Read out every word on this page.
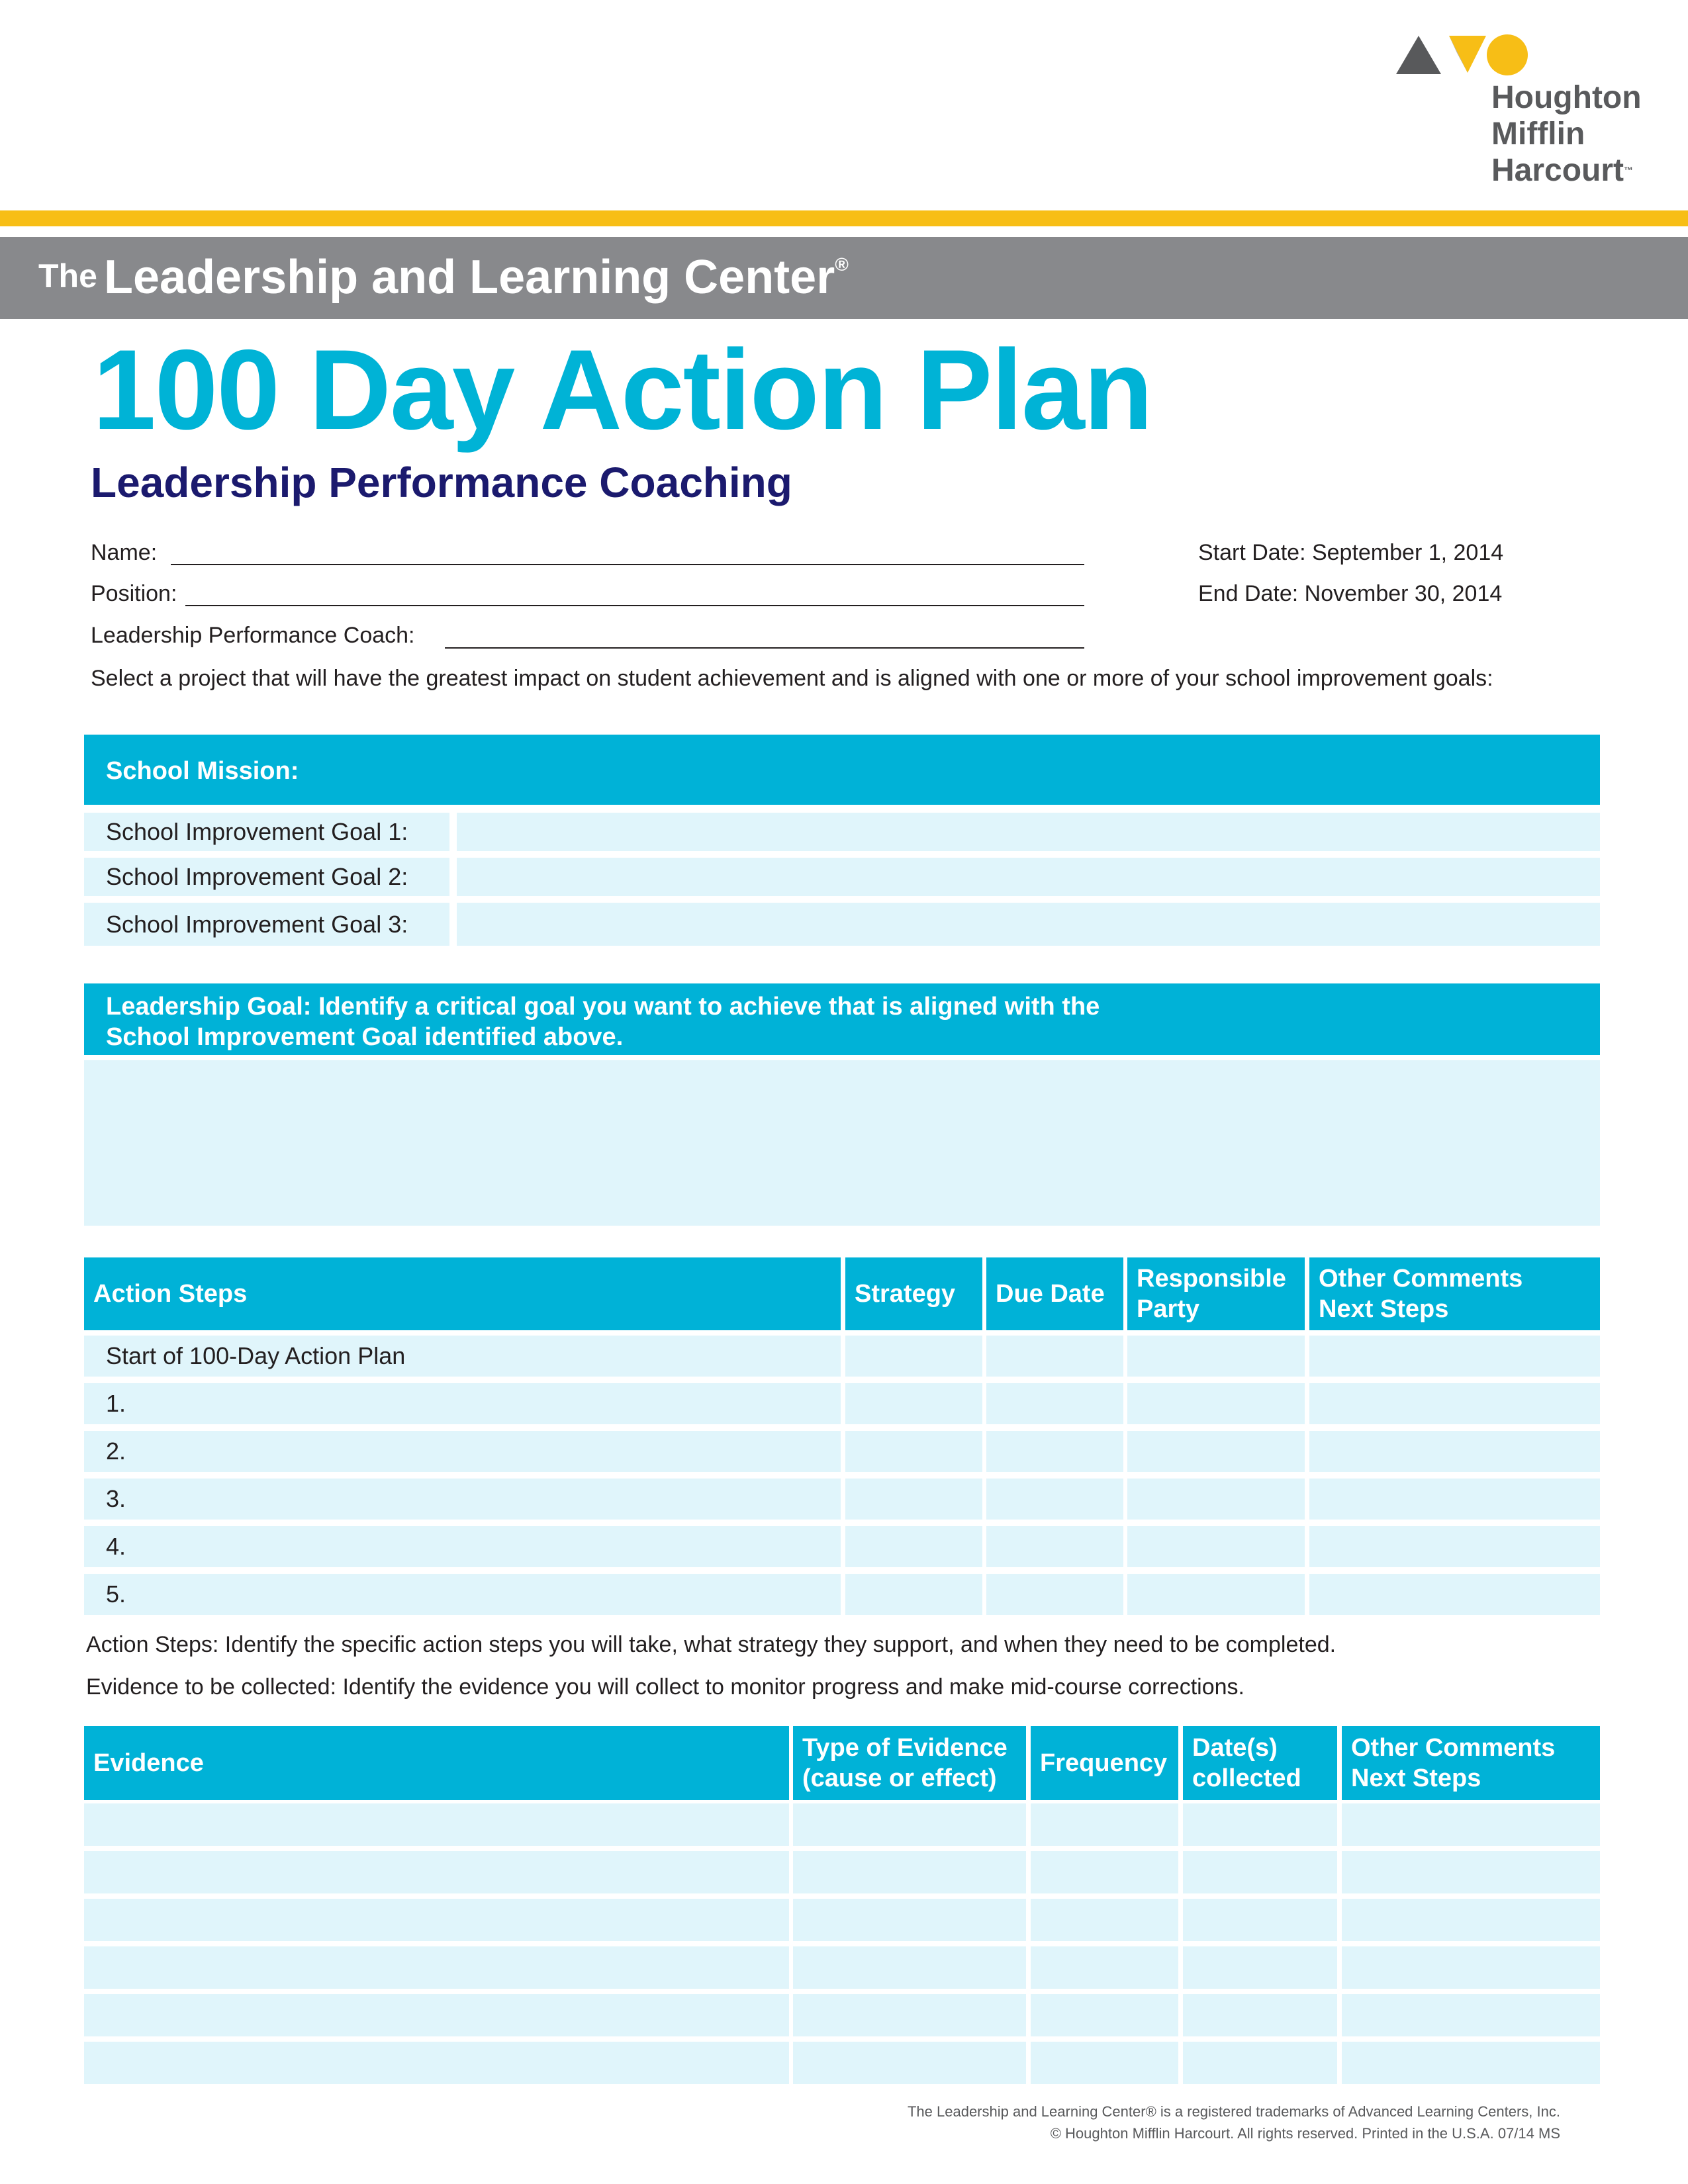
Houghton
Mifflin
Harcourt™
The Leadership and Learning Center®
100 Day Action Plan
Leadership Performance Coaching
Name:
Position:
Leadership Performance Coach:
Start Date: September 1, 2014
End Date: November 30, 2014
Select a project that will have the greatest impact on student achievement and is aligned with one or more of your school improvement goals:
School Mission:
School Improvement Goal 1:
School Improvement Goal 2:
School Improvement Goal 3:
Leadership Goal: Identify a critical goal you want to achieve that is aligned with the
School Improvement Goal identified above.
Action Steps	Strategy Due Date
Responsible
Party
Other Comments
Next Steps
Start of 100-Day Action Plan
1.
2.
3.
4.
5.
Action Steps: Identify the specific action steps you will take, what strategy they support, and when they need to be completed.
Evidence to be collected: Identify the evidence you will collect to monitor progress and make mid-course corrections.
Evidence
Type of Evidence
(cause or effect)
Frequency
Date(s)
collected
Other Comments
Next Steps
The Leadership and Learning Center® is a registered trademarks of Advanced Learning Centers, Inc.
© Houghton Mifflin Harcourt. All rights reserved. Printed in the U.S.A. 07/14 MS
